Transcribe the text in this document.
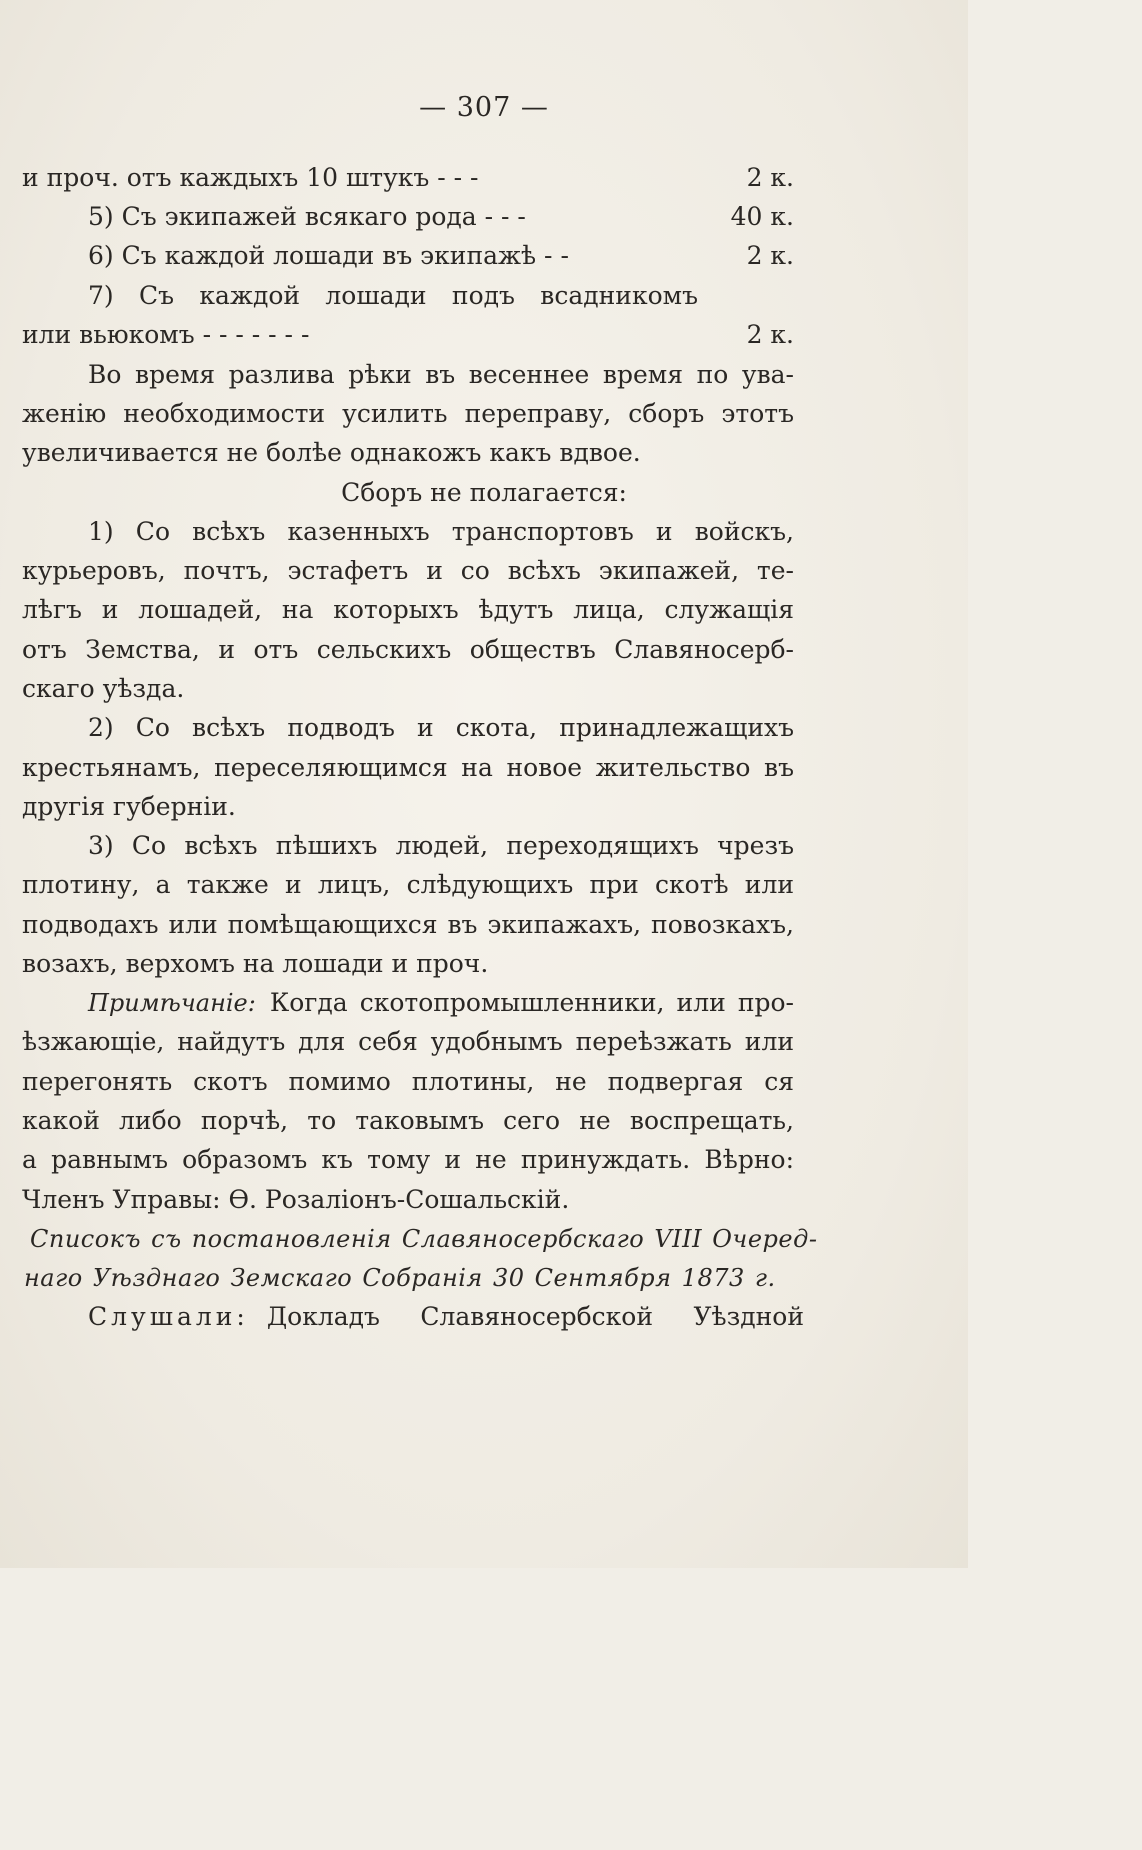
— 307 —
и проч. отъ каждыхъ 10 штукъ - - -	2 к.
5) Съ экипажей всякаго рода - - -	40 к.
6) Съ каждой лошади въ экипажѣ - -	2 к.
7) Съ каждой лошади подъ всадникомъ
или вьюкомъ - - - - - - -	2 к.
Во время разлива рѣки въ весеннее время по ува-
женію необходимости усилить переправу, сборъ этотъ
увеличивается не болѣе однакожъ какъ вдвое.
Сборъ не полагается:
1) Со всѣхъ казенныхъ транспортовъ и войскъ,
курьеровъ, почтъ, эстафетъ и со всѣхъ экипажей, те-
лѣгъ и лошадей, на которыхъ ѣдутъ лица, служащія
отъ Земства, и отъ сельскихъ обществъ Славяносерб-
скаго уѣзда.
2) Со всѣхъ подводъ и скота, принадлежащихъ
крестьянамъ, переселяющимся на новое жительство въ
другія губерніи.
3) Со всѣхъ пѣшихъ людей, переходящихъ чрезъ
плотину, а также и лицъ, слѣдующихъ при скотѣ или
подводахъ или помѣщающихся въ экипажахъ, повозкахъ,
возахъ, верхомъ на лошади и проч.
Примѣчаніе: Когда скотопромышленники, или про-
ѣзжающіе, найдутъ для себя удобнымъ переѣзжать или
перегонять скотъ помимо плотины, не подвергая ся
какой либо порчѣ, то таковымъ сего не воспрещать,
а равнымъ образомъ къ тому и не принуждать. Вѣрно:
Членъ Управы: Ѳ. Розаліонъ-Сошальскій.
Списокъ съ постановленія Славяносербскаго VIII Очеред-
наго Уѣзднаго Земскаго Собранія 30 Сентября 1873 г.
Слушали: Докладъ Славяносербской Уѣздной
